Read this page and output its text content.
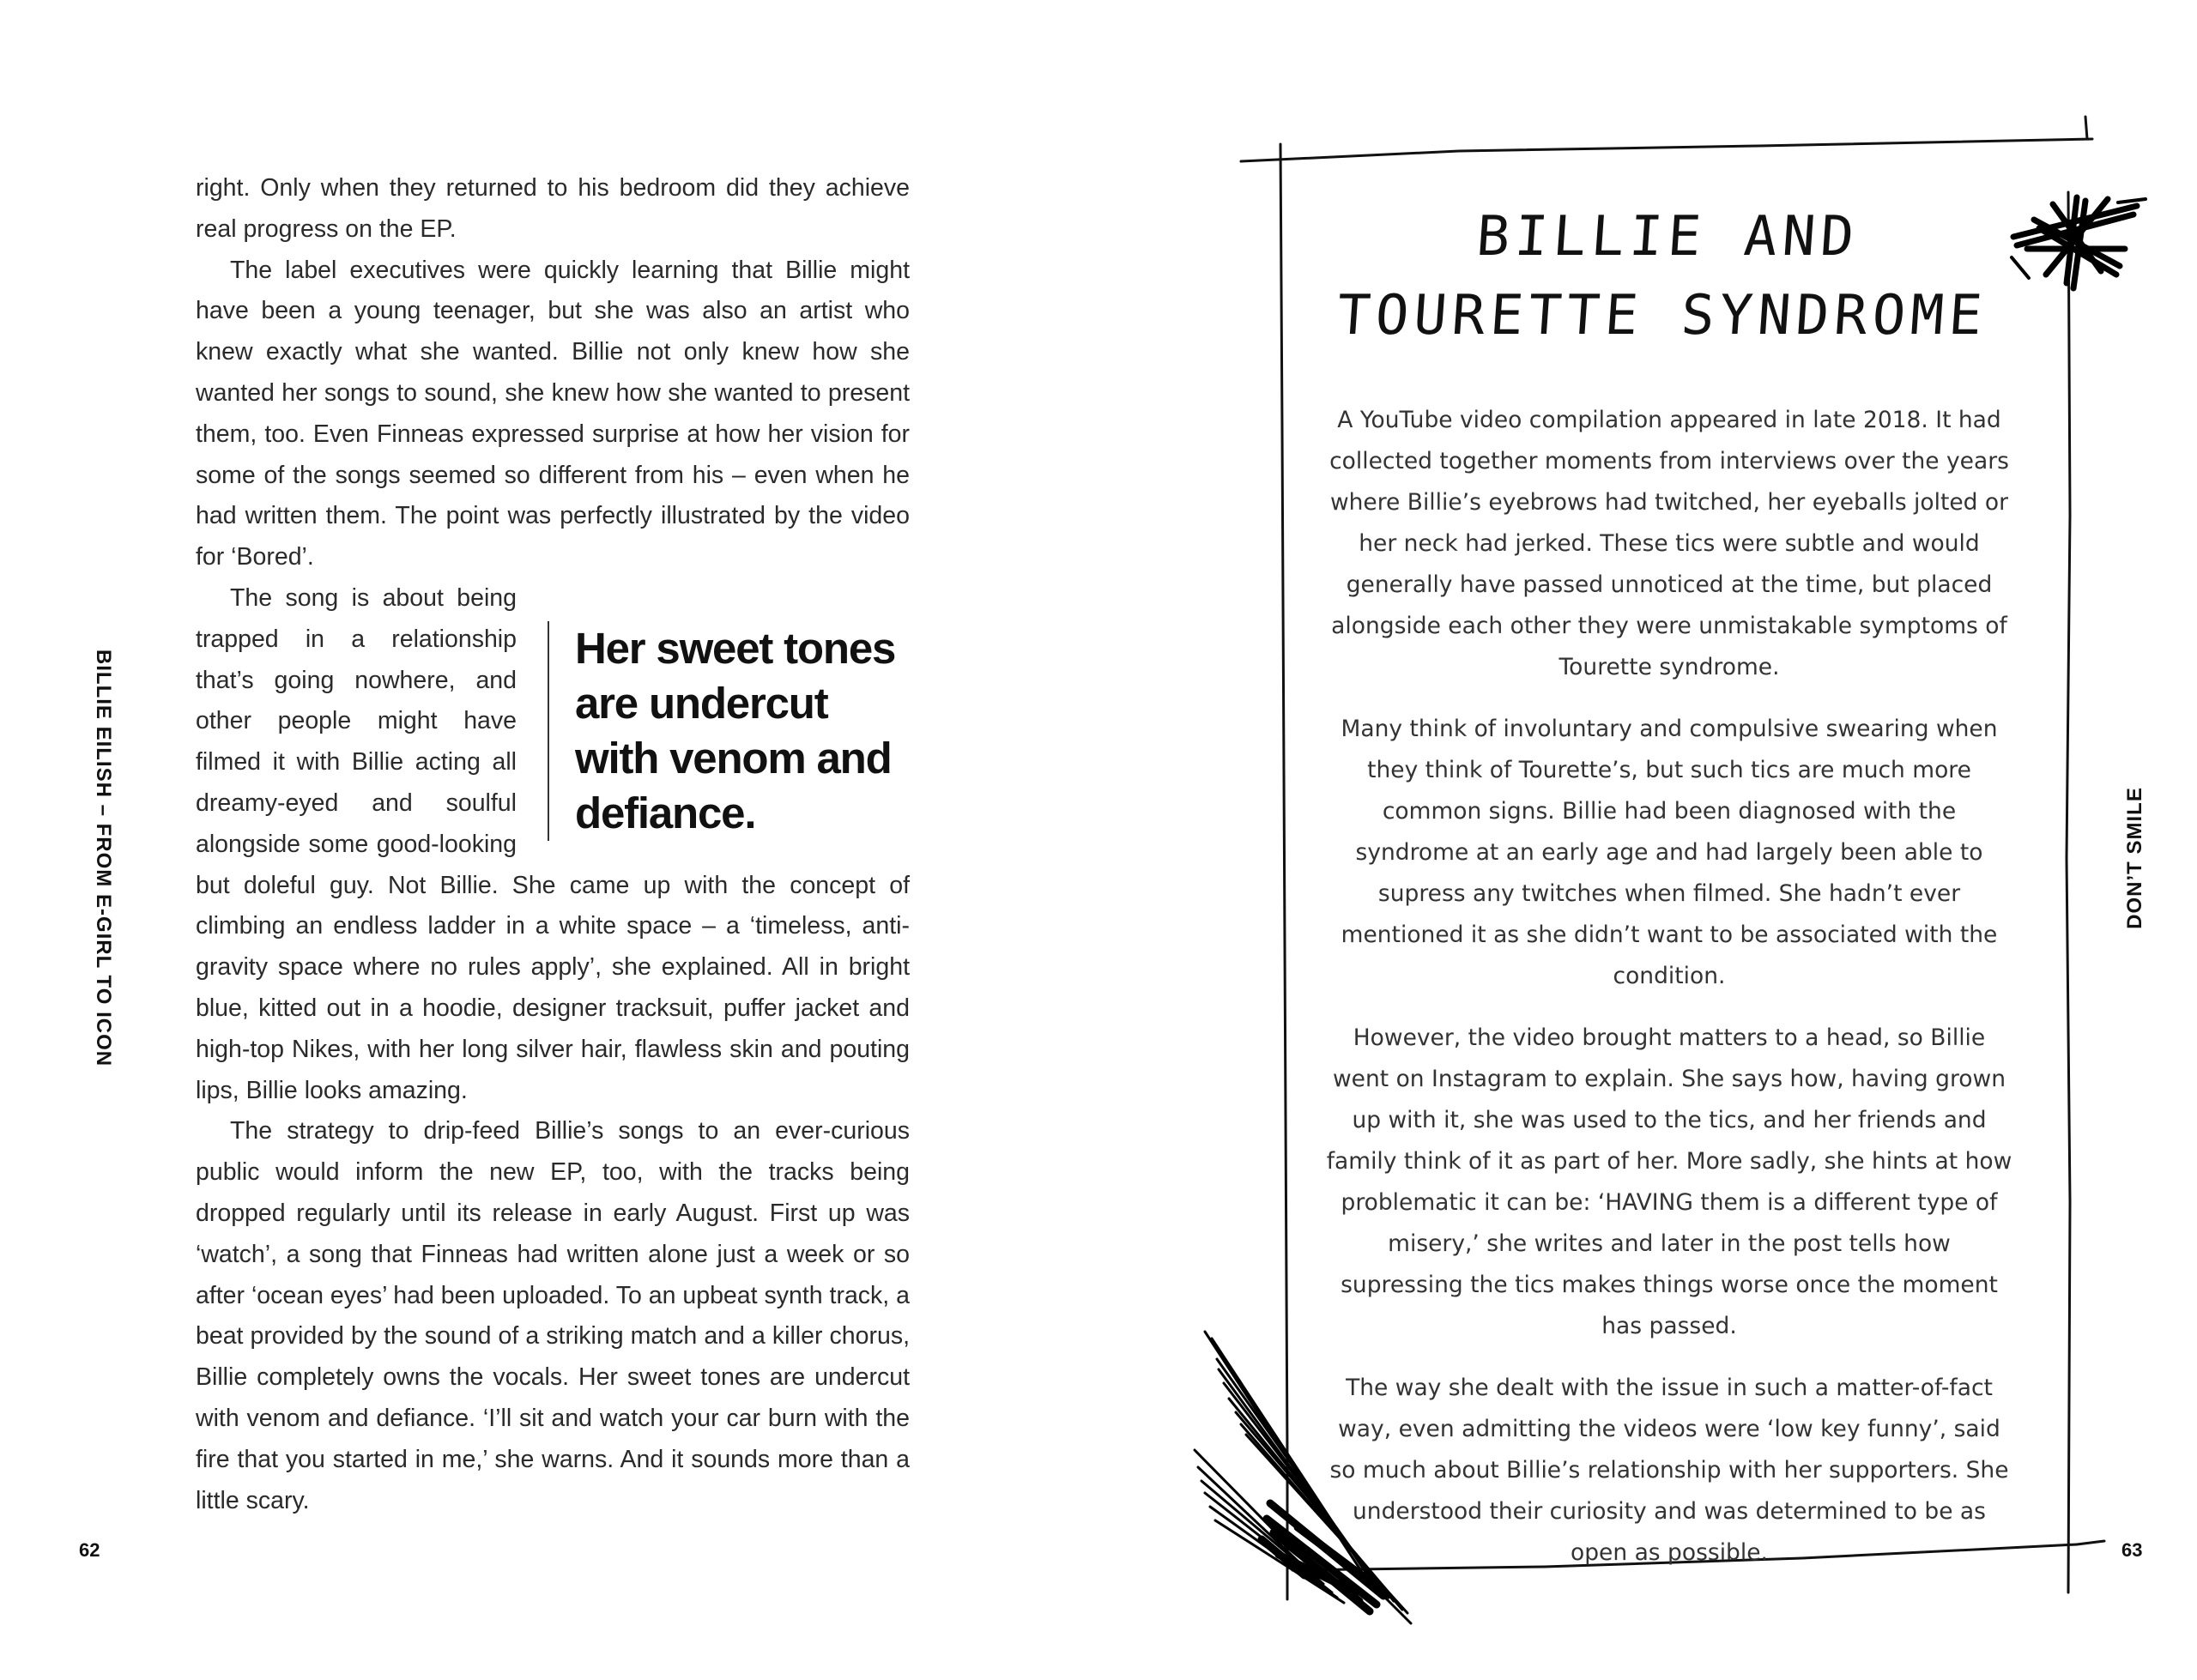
BILLIE EILISH – FROM E-GIRL TO ICON

right. Only when they returned to his bedroom did they achieve real progress on the EP.

The label executives were quickly learning that Billie might have been a young teenager, but she was also an artist who knew exactly what she wanted. Billie not only knew how she wanted her songs to sound, she knew how she wanted to present them, too. Even Finneas expressed surprise at how her vision for some of the songs seemed so different from his – even when he had written them. The point was perfectly illustrated by the video for ‘Bored’.

Her sweet tones are undercut with venom and defiance.

The song is about being trapped in a relationship that’s going nowhere, and other people might have filmed it with Billie acting all dreamy-eyed and soulful alongside some good-looking but doleful guy. Not Billie. She came up with the concept of climbing an endless ladder in a white space – a ‘timeless, anti-gravity space where no rules apply’, she explained. All in bright blue, kitted out in a hoodie, designer tracksuit, puffer jacket and high-top Nikes, with her long silver hair, flawless skin and pouting lips, Billie looks amazing.

The strategy to drip-feed Billie’s songs to an ever-curious public would inform the new EP, too, with the tracks being dropped regularly until its release in early August. First up was ‘watch’, a song that Finneas had written alone just a week or so after ‘ocean eyes’ had been uploaded. To an upbeat synth track, a beat provided by the sound of a striking match and a killer chorus, Billie completely owns the vocals. Her sweet tones are undercut with venom and defiance. ‘I’ll sit and watch your car burn with the fire that you started in me,’ she warns. And it sounds more than a little scary.

62
BILLIE AND
TOURETTE SYNDROME

A YouTube video compilation appeared in late 2018. It had collected together moments from interviews over the years where Billie’s eyebrows had twitched, her eyeballs jolted or her neck had jerked. These tics were subtle and would generally have passed unnoticed at the time, but placed alongside each other they were unmistakable symptoms of Tourette syndrome.

Many think of involuntary and compulsive swearing when they think of Tourette’s, but such tics are much more common signs. Billie had been diagnosed with the syndrome at an early age and had largely been able to supress any twitches when filmed. She hadn’t ever mentioned it as she didn’t want to be associated with the condition.

However, the video brought matters to a head, so Billie went on Instagram to explain. She says how, having grown up with it, she was used to the tics, and her friends and family think of it as part of her. More sadly, she hints at how problematic it can be: ‘HAVING them is a different type of misery,’ she writes and later in the post tells how supressing the tics makes things worse once the moment has passed.

The way she dealt with the issue in such a matter-of-fact way, even admitting the videos were ‘low key funny’, said so much about Billie’s relationship with her supporters. She understood their curiosity and was determined to be as open as possible.

DON’T SMILE
63
